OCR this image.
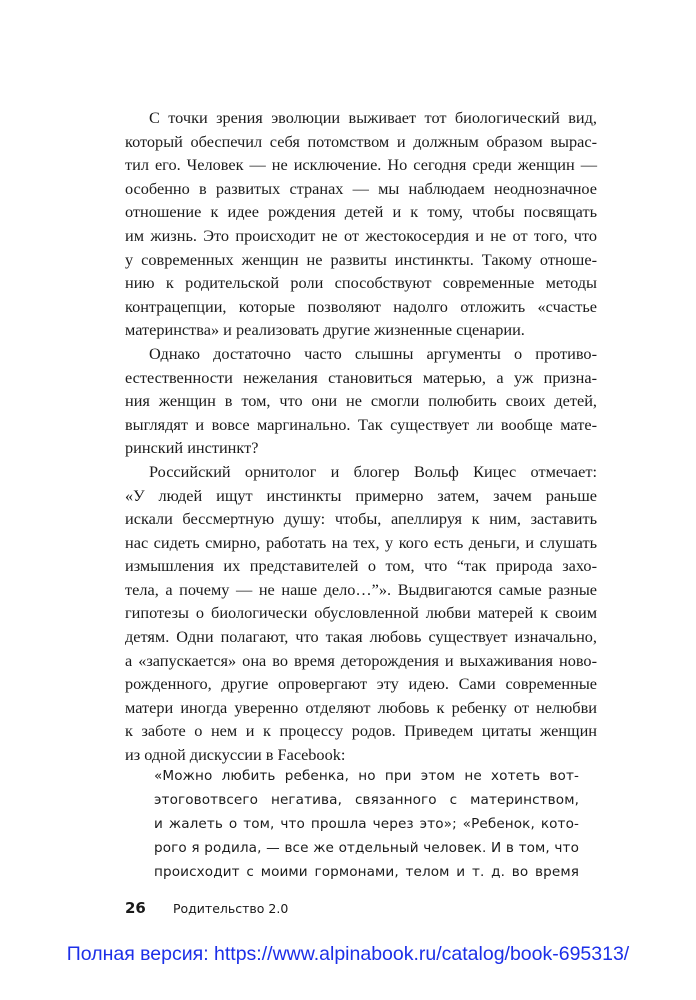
С точки зрения эволюции выживает тот биологический вид,
который обеспечил себя потомством и должным образом вырас-
тил его. Человек — не исключение. Но сегодня среди женщин —
особенно в развитых странах — мы наблюдаем неоднозначное
отношение к идее рождения детей и к тому, чтобы посвящать
им жизнь. Это происходит не от жестокосердия и не от того, что
у современных женщин не развиты инстинкты. Такому отноше-
нию к родительской роли способствуют современные методы
контрацепции, которые позволяют надолго отложить «счастье
материнства» и реализовать другие жизненные сценарии.
Однако достаточно часто слышны аргументы о противо-
естественности нежелания становиться матерью, а уж призна-
ния женщин в том, что они не смогли полюбить своих детей,
выглядят и вовсе маргинально. Так существует ли вообще мате-
ринский инстинкт?
Российский орнитолог и блогер Вольф Кицес отмечает:
«У людей ищут инстинкты примерно затем, зачем раньше
искали бессмертную душу: чтобы, апеллируя к ним, заставить
нас сидеть смирно, работать на тех, у кого есть деньги, и слушать
измышления их представителей о том, что “так природа захо-
тела, а почему — не наше дело…”». Выдвигаются самые разные
гипотезы о биологически обусловленной любви матерей к своим
детям. Одни полагают, что такая любовь существует изначально,
а «запускается» она во время деторождения и выхаживания ново-
рожденного, другие опровергают эту идею. Сами современные
матери иногда уверенно отделяют любовь к ребенку от нелюбви
к заботе о нем и к процессу родов. Приведем цитаты женщин
из одной дискуссии в Facebook:
«Можно любить ребенка, но при этом не хотеть вот-
этоговотвсего негатива, связанного с материнством,
и жалеть о том, что прошла через это»; «Ребенок, кото-
рого я родила, — все же отдельный человек. И в том, что
происходит с моими гормонами, телом и т. д. во время
26 Родительство 2.0
Полная версия: https://www.alpinabook.ru/catalog/book-695313/
